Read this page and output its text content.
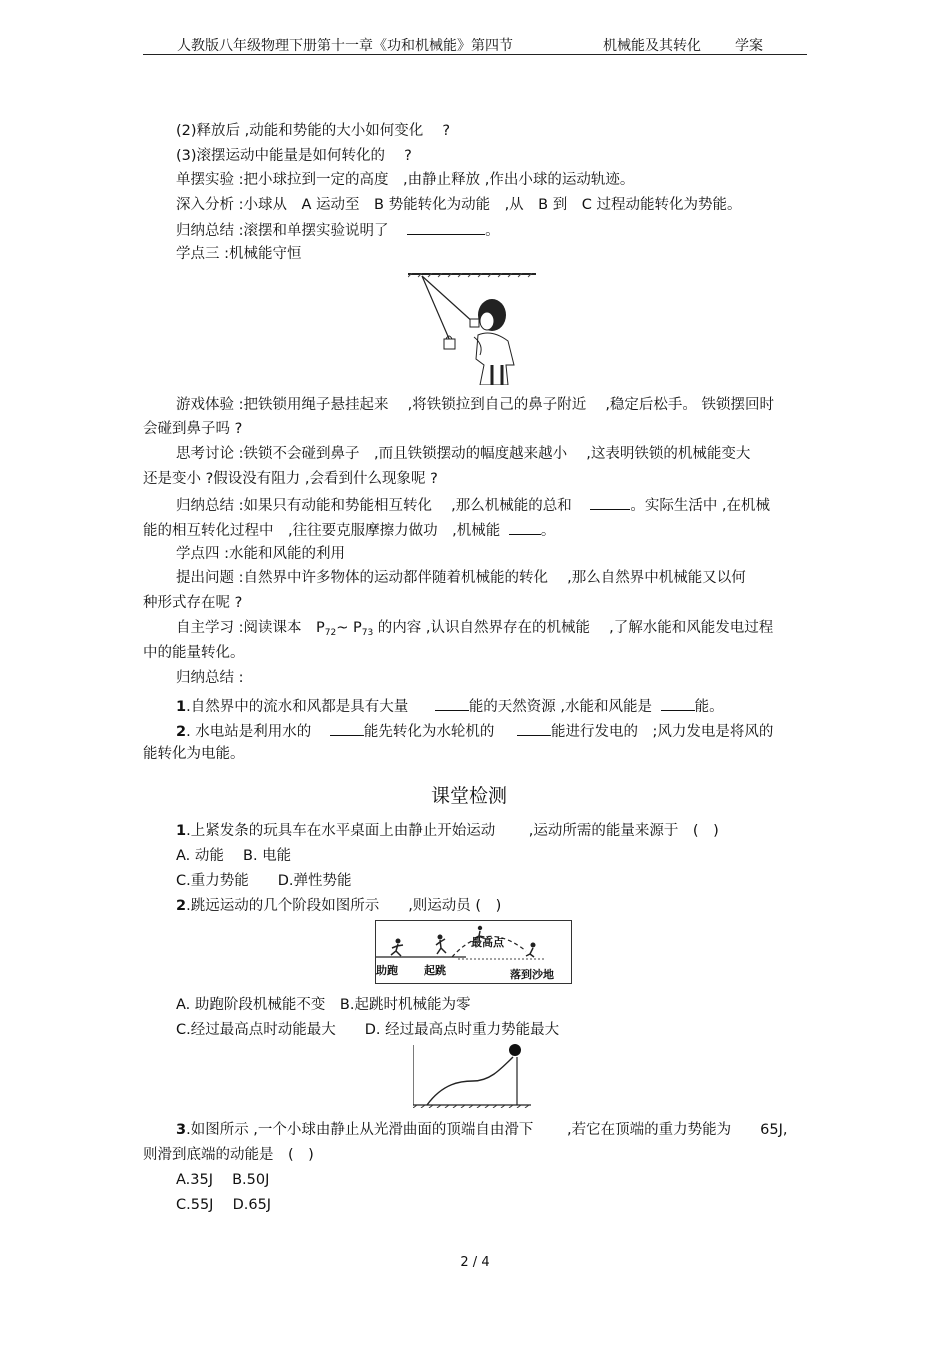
人教版八年级物理下册第十一章《功和机械能》第四节	机械能及其转化 学案
(2)释放后 ,动能和势能的大小如何变化　 ?
(3)滚摆运动中能量是如何转化的　 ?
单摆实验 :把小球拉到一定的高度　,由静止释放 ,作出小球的运动轨迹。
深入分析 :小球从　A 运动至　B 势能转化为动能　,从　B 到　C 过程动能转化为势能。
归纳总结 :滚摆和单摆实验说明了	。
学点三 :机械能守恒
游戏体验 :把铁锁用绳子悬挂起来　 ,将铁锁拉到自己的鼻子附近　 ,稳定后松手。 铁锁摆回时
会碰到鼻子吗 ?
思考讨论 :铁锁不会碰到鼻子　,而且铁锁摆动的幅度越来越小　 ,这表明铁锁的机械能变大
还是变小 ?假设没有阻力 ,会看到什么现象呢 ?
归纳总结 :如果只有动能和势能相互转化　 ,那么机械能的总和	。实际生活中 ,在机械
能的相互转化过程中　,往往要克服摩擦力做功　,机械能	。
学点四 :水能和风能的利用
提出问题 :自然界中许多物体的运动都伴随着机械能的转化　 ,那么自然界中机械能又以何
种形式存在呢 ?
自主学习 :阅读课本　$P_{72}\sim$ $P_{73}$ 的内容 ,认识自然界存在的机械能　 ,了解水能和风能发电过程
中的能量转化。
归纳总结 :
1.自然界中的流水和风都是具有大量	能的天然资源 ,水能和风能是	能。
2. 水电站是利用水的	能先转化为水轮机的	能进行发电的　;风力发电是将风的
能转化为电能。
课堂检测
1.上紧发条的玩具车在水平桌面上由静止开始运动　　 ,运动所需的能量来源于　(　)
A. 动能　 B. 电能
C.重力势能　　D.弹性势能
2.跳远运动的几个阶段如图所示　　,则运动员 (　)
助跑 起跳
最高点
落到沙地
A. 助跑阶段机械能不变　B.起跳时机械能为零
C.经过最高点时动能最大　　D. 经过最高点时重力势能最大
3.如图所示 ,一个小球由静止从光滑曲面的顶端自由滑下　　 ,若它在顶端的重力势能为　　65J,
则滑到底端的动能是　(　)
A.35J　 B.50J
C.55J　 D.65J
2 / 4
